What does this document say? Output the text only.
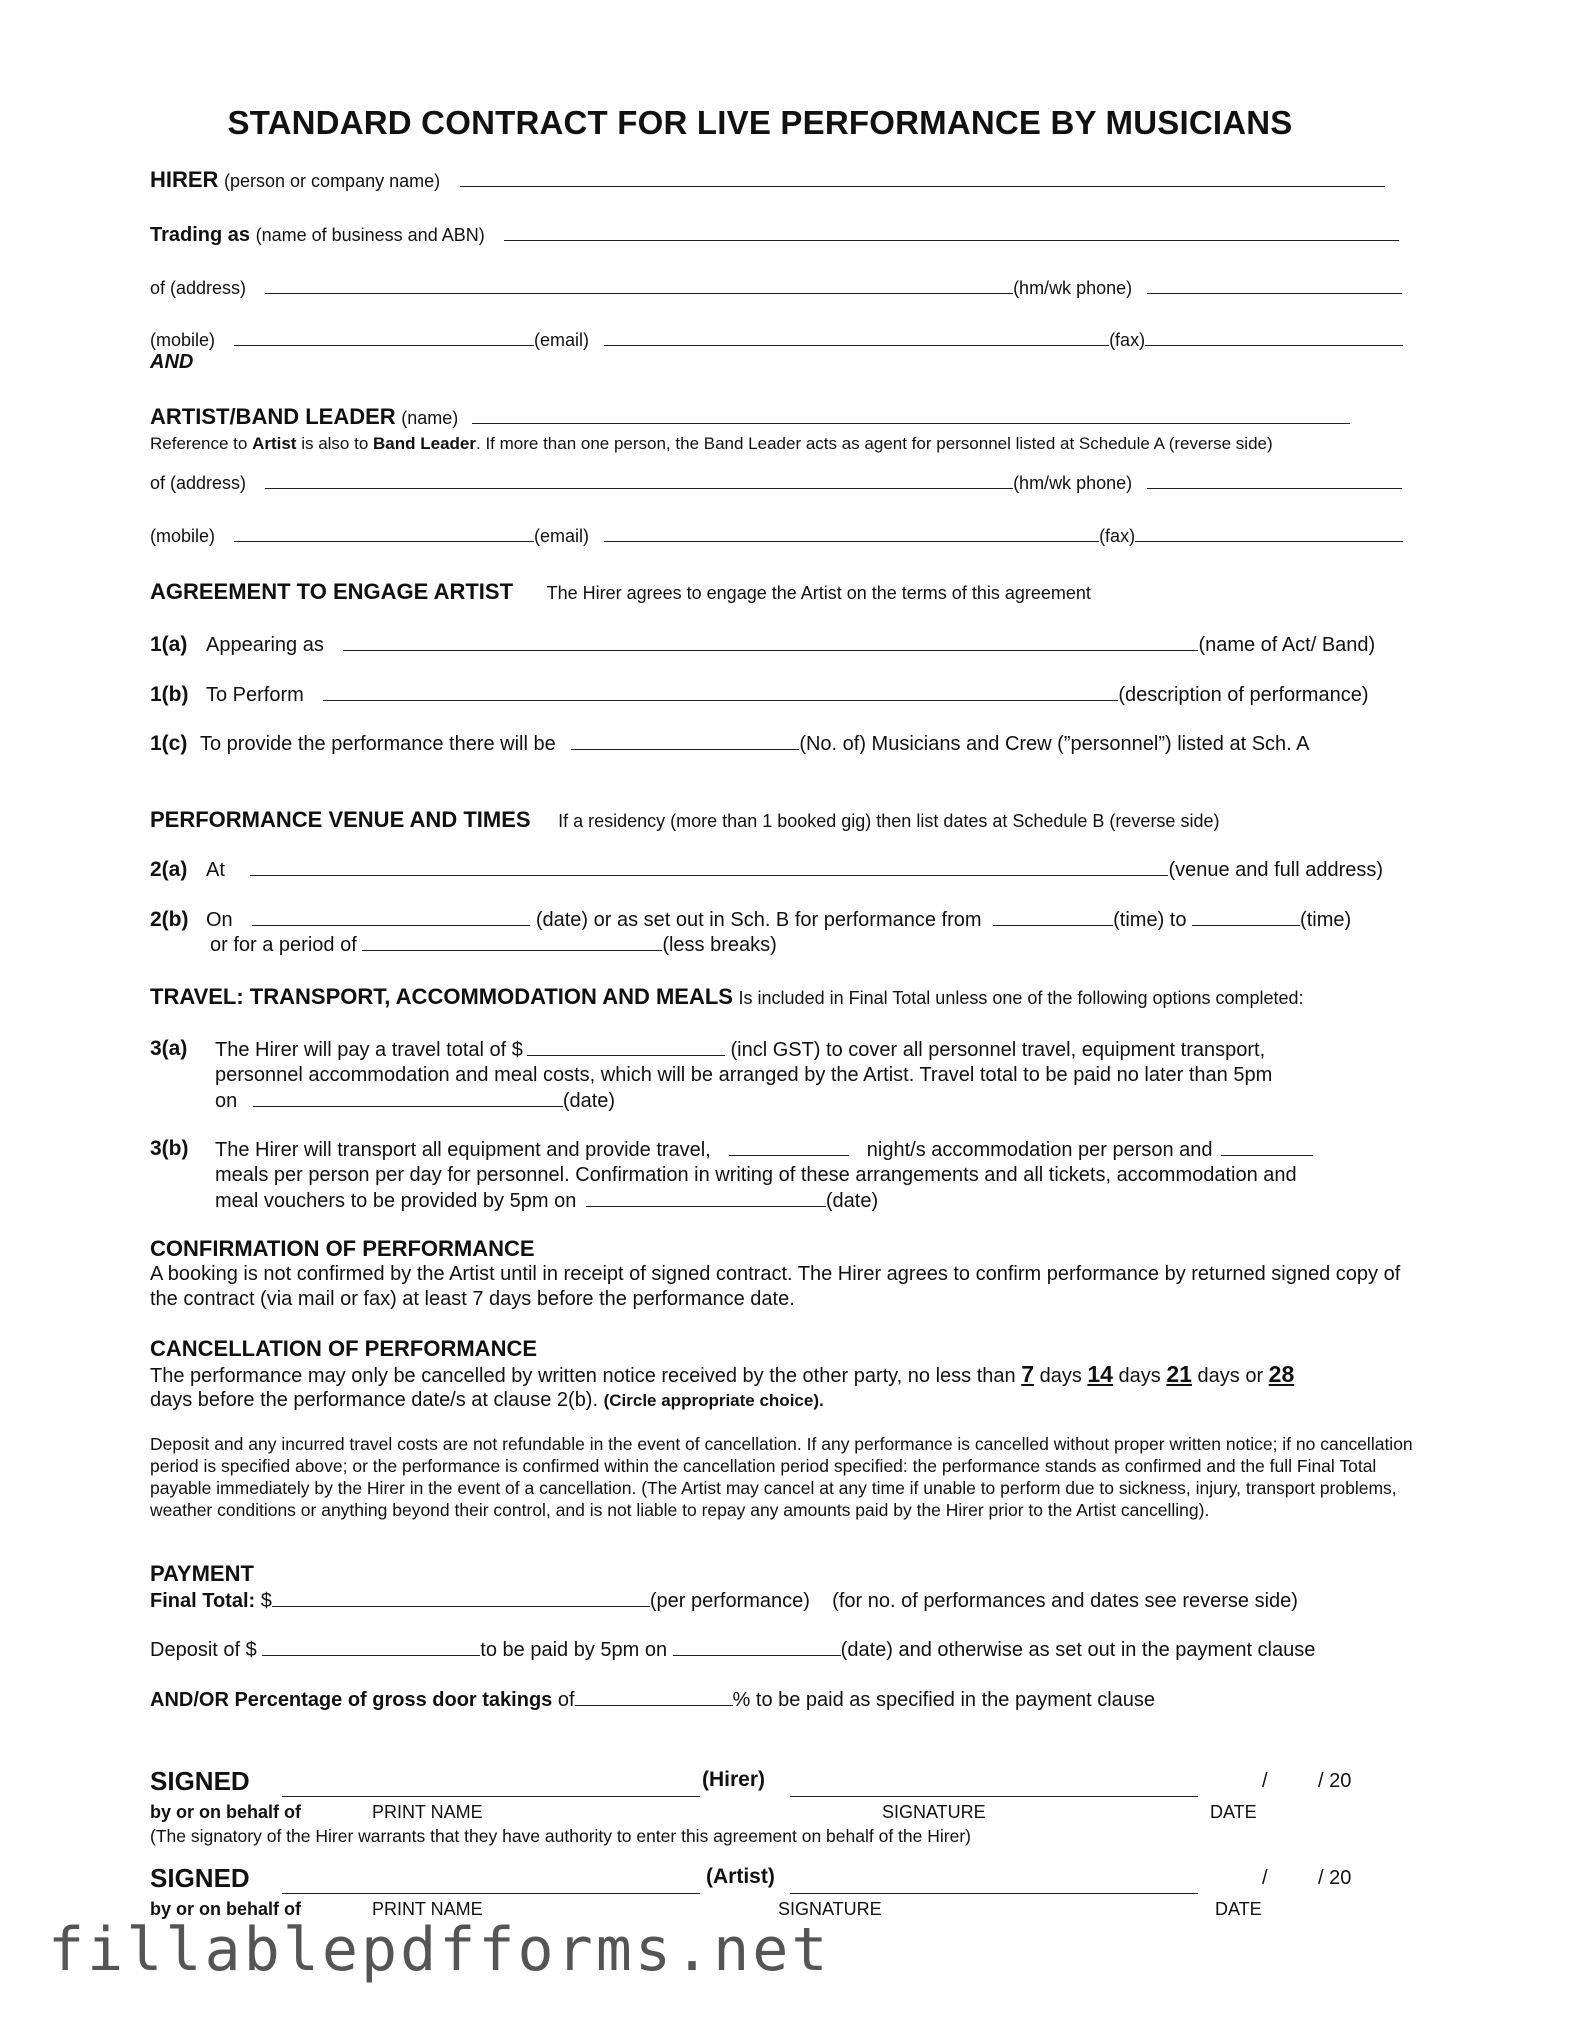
STANDARD CONTRACT FOR LIVE PERFORMANCE BY MUSICIANS
HIRER (person or company name)
Trading as (name of business and ABN)
of (address)	(hm/wk phone)
(mobile)	(email)	(fax)
AND
ARTIST/BAND LEADER (name)
Reference to Artist is also to Band Leader. If more than one person, the Band Leader acts as agent for personnel listed at Schedule A (reverse side)
of (address)	(hm/wk phone)
(mobile)	(email)	(fax)
AGREEMENT TO ENGAGE ARTIST The Hirer agrees to engage the Artist on the terms of this agreement
1(a) Appearing as	(name of Act/ Band)
1(b) To Perform	(description of performance)
1(c) To provide the performance there will be	(No. of) Musicians and Crew (”personnel”) listed at Sch. A
PERFORMANCE VENUE AND TIMES If a residency (more than 1 booked gig) then list dates at Schedule B (reverse side)
2(a) At	(venue and full address)
2(b) On	(date) or as set out in Sch. B for performance from	(time) to	(time)
or for a period of	(less breaks)
TRAVEL: TRANSPORT, ACCOMMODATION AND MEALS Is included in Final Total unless one of the following options completed:
3(a) The Hirer will pay a travel total of $	(incl GST) to cover all personnel travel, equipment transport,
personnel accommodation and meal costs, which will be arranged by the Artist. Travel total to be paid no later than 5pm
on	(date)
3(b) The Hirer will transport all equipment and provide travel,	night/s accommodation per person and
meals per person per day for personnel. Confirmation in writing of these arrangements and all tickets, accommodation and
meal vouchers to be provided by 5pm on	(date)
CONFIRMATION OF PERFORMANCE
A booking is not confirmed by the Artist until in receipt of signed contract. The Hirer agrees to confirm performance by returned signed copy of the contract (via mail or fax) at least 7 days before the performance date.
CANCELLATION OF PERFORMANCE
The performance may only be cancelled by written notice received by the other party, no less than 7 days 14 days 21 days or 28
days before the performance date/s at clause 2(b). (Circle appropriate choice).
Deposit and any incurred travel costs are not refundable in the event of cancellation. If any performance is cancelled without proper written notice; if no cancellation period is specified above; or the performance is confirmed within the cancellation period specified: the performance stands as confirmed and the full Final Total payable immediately by the Hirer in the event of a cancellation. (The Artist may cancel at any time if unable to perform due to sickness, injury, transport problems, weather conditions or anything beyond their control, and is not liable to repay any amounts paid by the Hirer prior to the Artist cancelling).
PAYMENT
Final Total: $	(per performance)    (for no. of performances and dates see reverse side)
Deposit of $	to be paid by 5pm on	(date) and otherwise as set out in the payment clause
AND/OR Percentage of gross door takings of	% to be paid as specified in the payment clause
SIGNED	(Hirer)	/	/ 20
by or on behalf of	PRINT NAME	SIGNATURE	DATE
(The signatory of the Hirer warrants that they have authority to enter this agreement on behalf of the Hirer)
SIGNED	(Artist)	/	/ 20
by or on behalf of	PRINT NAME	SIGNATURE	DATE
fillablepdfforms.net
